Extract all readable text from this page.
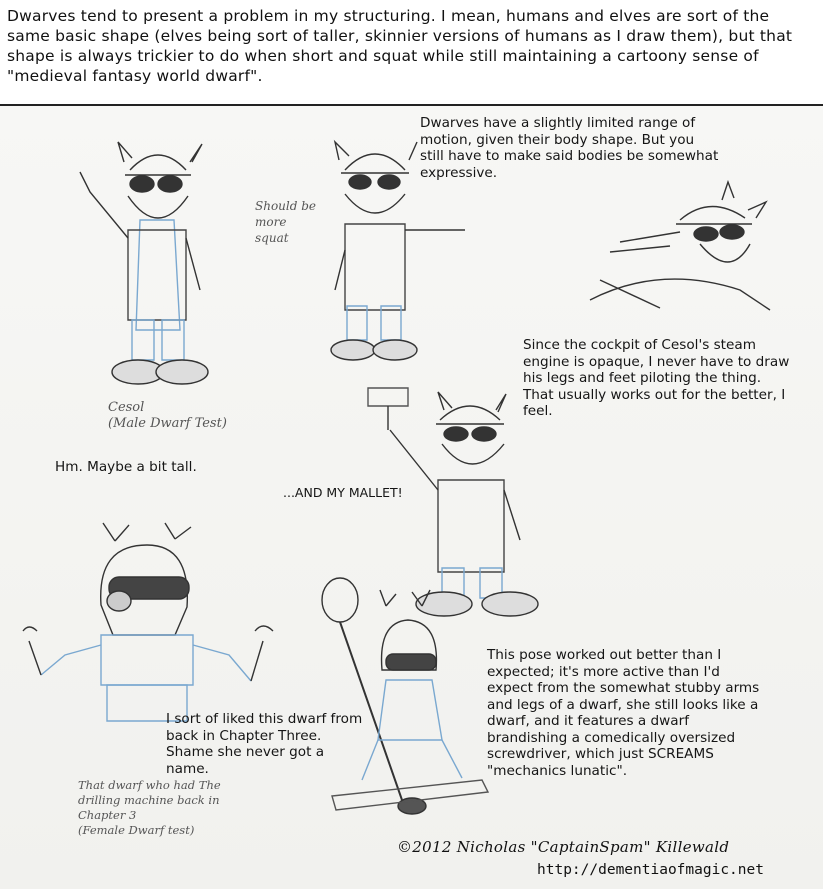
Dwarves tend to present a problem in my structuring. I mean, humans and elves are sort of the same basic shape (elves being sort of taller, skinnier versions of humans as I draw them), but that shape is always trickier to do when short and squat while still maintaining a cartoony sense of "medieval fantasy world dwarf".

Dwarves have a slightly limited range of motion, given their body shape. But you still have to make said bodies be somewhat expressive.

Should be more squat

Cesol
(Male Dwarf Test)

Hm. Maybe a bit tall.

Since the cockpit of Cesol's steam engine is opaque, I never have to draw his legs and feet piloting the thing. That usually works out for the better, I feel.

...AND MY MALLET!

This pose worked out better than I expected; it's more active than I'd expect from the somewhat stubby arms and legs of a dwarf, she still looks like a dwarf, and it features a dwarf brandishing a comedically oversized screwdriver, which just SCREAMS "mechanics lunatic".

I sort of liked this dwarf from back in Chapter Three. Shame she never got a name.

That dwarf who had The drilling machine back in Chapter 3
(Female Dwarf test)

©2012 Nicholas "CaptainSpam" Killewald
http://dementiaofmagic.net
